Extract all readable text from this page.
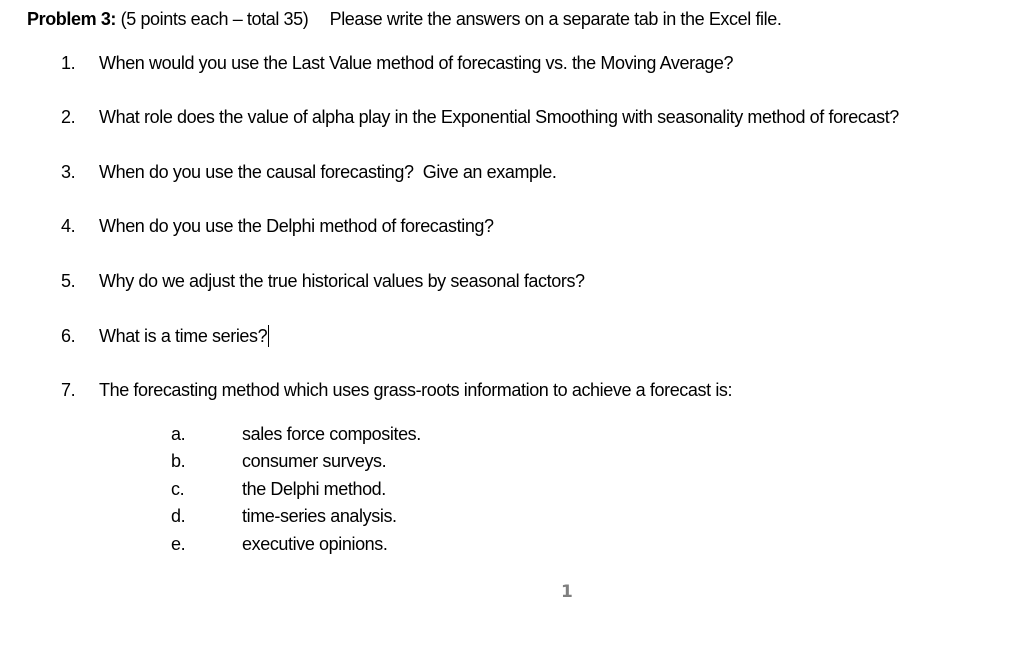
Problem 3: (5 points each – total 35) Please write the answers on a separate tab in the Excel file.
1. When would you use the Last Value method of forecasting vs. the Moving Average?
2. What role does the value of alpha play in the Exponential Smoothing with seasonality method of forecast?
3. When do you use the causal forecasting?  Give an example.
4. When do you use the Delphi method of forecasting?
5. Why do we adjust the true historical values by seasonal factors?
6. What is a time series?
7. The forecasting method which uses grass-roots information to achieve a forecast is:
a.	sales force composites.
b.	consumer surveys.
c.	the Delphi method.
d.	time-series analysis.
e.	executive opinions.
1
